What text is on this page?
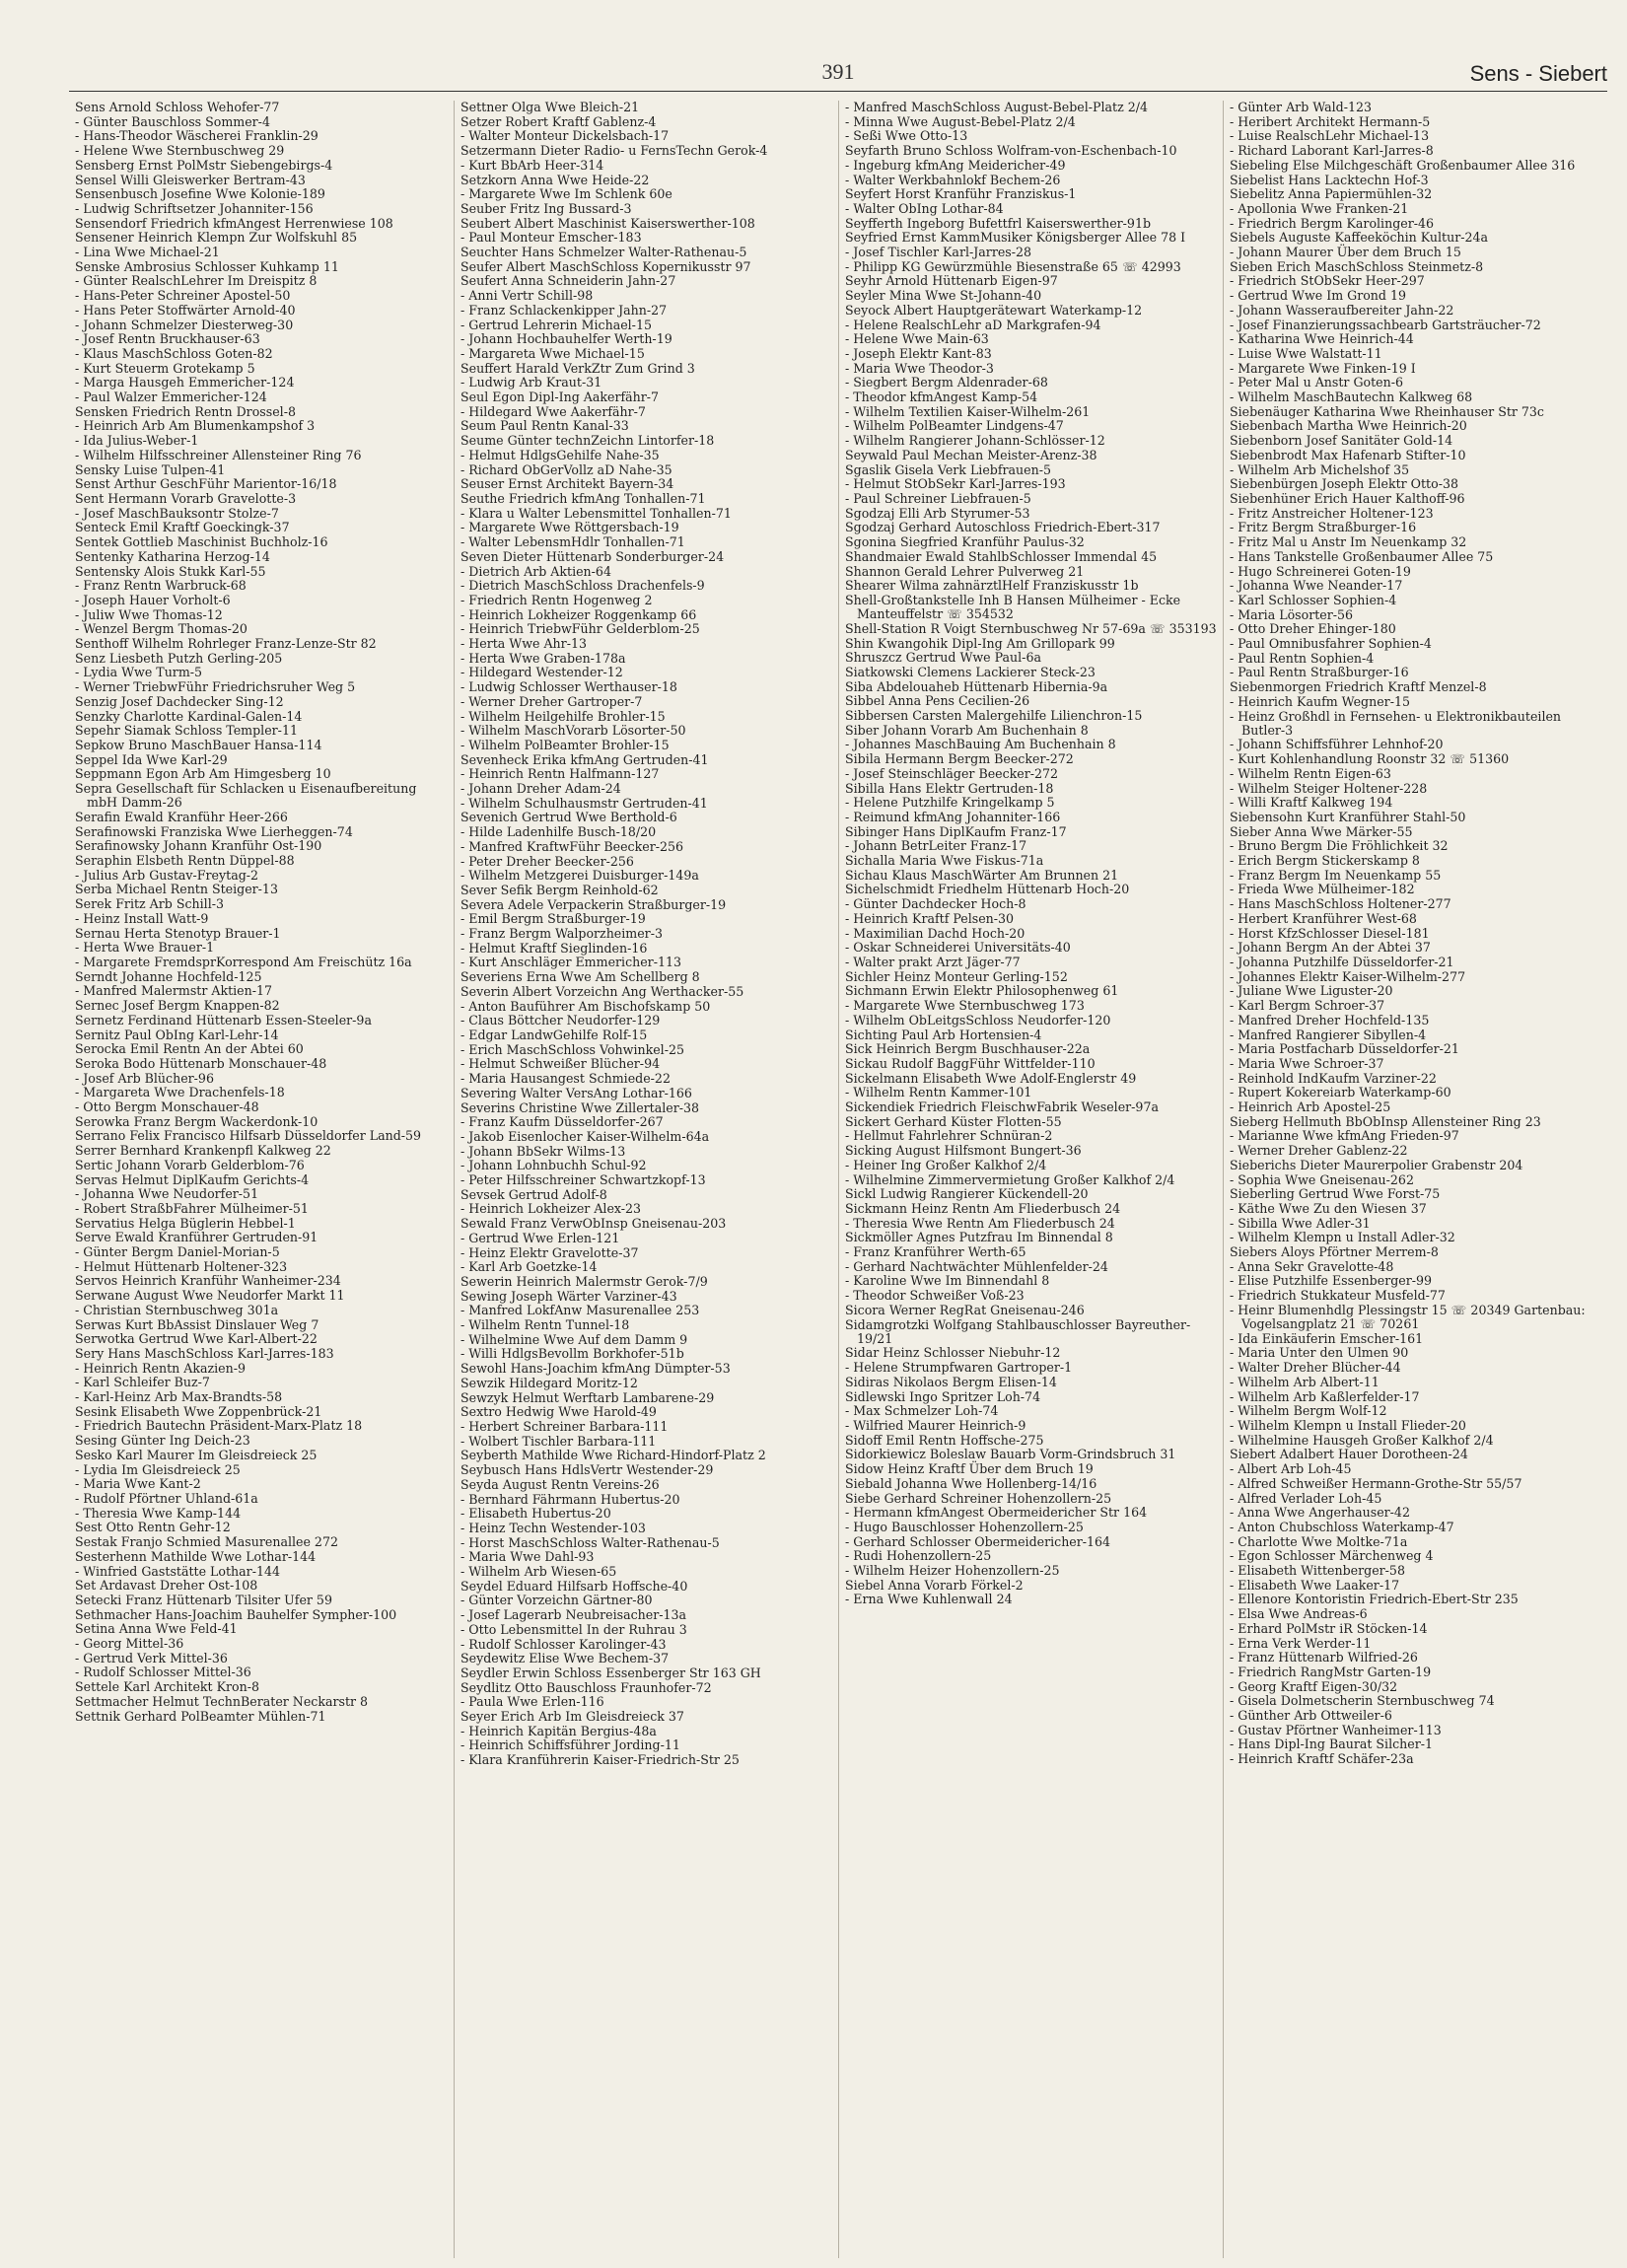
391	Sens - Siebert
Sens Arnold Schloss Wehofer-77
- Günter Bauschloss Sommer-4
- Hans-Theodor Wäscherei Franklin-29
- Helene Wwe Sternbuschweg 29
Sensberg Ernst PolMstr Siebengebirgs-4
Sensel Willi Gleiswerker Bertram-43
Sensenbusch Josefine Wwe Kolonie-189
- Ludwig Schriftsetzer Johanniter-156
Sensendorf Friedrich kfmAngest Herrenwiese 108
Sensener Heinrich Klempn Zur Wolfskuhl 85
- Lina Wwe Michael-21
Senske Ambrosius Schlosser Kuhkamp 11
- Günter RealschLehrer Im Dreispitz 8
- Hans-Peter Schreiner Apostel-50
- Hans Peter Stoffwärter Arnold-40
- Johann Schmelzer Diesterweg-30
- Josef Rentn Bruckhauser-63
- Klaus MaschSchloss Goten-82
- Kurt Steuerm Grotekamp 5
- Marga Hausgeh Emmericher-124
- Paul Walzer Emmericher-124
Sensken Friedrich Rentn Drossel-8
- Heinrich Arb Am Blumenkampshof 3
- Ida Julius-Weber-1
- Wilhelm Hilfsschreiner Allensteiner Ring 76
Sensky Luise Tulpen-41
Senst Arthur GeschFühr Marientor-16/18
Sent Hermann Vorarb Gravelotte-3
- Josef MaschBauksontr Stolze-7
Senteck Emil Kraftf Goeckingk-37
Sentek Gottlieb Maschinist Buchholz-16
Sentenky Katharina Herzog-14
Sentensky Alois Stukk Karl-55
- Franz Rentn Warbruck-68
- Joseph Hauer Vorholt-6
- Juliw Wwe Thomas-12
- Wenzel Bergm Thomas-20
Senthoff Wilhelm Rohrleger Franz-Lenze-Str 82
Senz Liesbeth Putzh Gerling-205
- Lydia Wwe Turm-5
- Werner TriebwFühr Friedrichsruher Weg 5
Senzig Josef Dachdecker Sing-12
Senzky Charlotte Kardinal-Galen-14
Sepehr Siamak Schloss Templer-11
Sepkow Bruno MaschBauer Hansa-114
Seppel Ida Wwe Karl-29
Seppmann Egon Arb Am Himgesberg 10
Sepra Gesellschaft für Schlacken u Eisenaufbereitung mbH Damm-26
Serafin Ewald Kranführ Heer-266
Serafinowski Franziska Wwe Lierheggen-74
Serafinowsky Johann Kranführ Ost-190
Seraphin Elsbeth Rentn Düppel-88
- Julius Arb Gustav-Freytag-2
Serba Michael Rentn Steiger-13
Serek Fritz Arb Schill-3
- Heinz Install Watt-9
Sernau Herta Stenotyp Brauer-1
- Herta Wwe Brauer-1
- Margarete FremdsprKorrespond Am Freischütz 16a
Serndt Johanne Hochfeld-125
- Manfred Malermstr Aktien-17
Sernec Josef Bergm Knappen-82
Sernetz Ferdinand Hüttenarb Essen-Steeler-9a
Sernitz Paul ObIng Karl-Lehr-14
Serocka Emil Rentn An der Abtei 60
Seroka Bodo Hüttenarb Monschauer-48
- Josef Arb Blücher-96
- Margareta Wwe Drachenfels-18
- Otto Bergm Monschauer-48
Serowka Franz Bergm Wackerdonk-10
Serrano Felix Francisco Hilfsarb Düsseldorfer Land-59
Serrer Bernhard Krankenpfl Kalkweg 22
Sertic Johann Vorarb Gelderblom-76
Servas Helmut DiplKaufm Gerichts-4
- Johanna Wwe Neudorfer-51
- Robert StraßbFahrer Mülheimer-51
Servatius Helga Büglerin Hebbel-1
Serve Ewald Kranführer Gertruden-91
- Günter Bergm Daniel-Morian-5
- Helmut Hüttenarb Holtener-323
Servos Heinrich Kranführ Wanheimer-234
Serwane August Wwe Neudorfer Markt 11
- Christian Sternbuschweg 301a
Serwas Kurt BbAssist Dinslauer Weg 7
Serwotka Gertrud Wwe Karl-Albert-22
Sery Hans MaschSchloss Karl-Jarres-183
- Heinrich Rentn Akazien-9
- Karl Schleifer Buz-7
- Karl-Heinz Arb Max-Brandts-58
Sesink Elisabeth Wwe Zoppenbrück-21
- Friedrich Bautechn Präsident-Marx-Platz 18
Sesing Günter Ing Deich-23
Sesko Karl Maurer Im Gleisdreieck 25
- Lydia Im Gleisdreieck 25
- Maria Wwe Kant-2
- Rudolf Pförtner Uhland-61a
- Theresia Wwe Kamp-144
Sest Otto Rentn Gehr-12
Sestak Franjo Schmied Masurenallee 272
Sesterhenn Mathilde Wwe Lothar-144
- Winfried Gaststätte Lothar-144
Set Ardavast Dreher Ost-108
Setecki Franz Hüttenarb Tilsiter Ufer 59
Sethmacher Hans-Joachim Bauhelfer Sympher-100
Setina Anna Wwe Feld-41
- Georg Mittel-36
- Gertrud Verk Mittel-36
- Rudolf Schlosser Mittel-36
Settele Karl Architekt Kron-8
Settmacher Helmut TechnBerater Neckarstr 8
Settnik Gerhard PolBeamter Mühlen-71
Settner Olga Wwe Bleich-21
Setzer Robert Kraftf Gablenz-4
- Walter Monteur Dickelsbach-17
Setzermann Dieter Radio- u FernsTechn Gerok-4
- Kurt BbArb Heer-314
Setzkorn Anna Wwe Heide-22
- Margarete Wwe Im Schlenk 60e
Seuber Fritz Ing Bussard-3
Seubert Albert Maschinist Kaiserswerther-108
- Paul Monteur Emscher-183
Seuchter Hans Schmelzer Walter-Rathenau-5
Seufer Albert MaschSchloss Kopernikusstr 97
Seufert Anna Schneiderin Jahn-27
- Anni Vertr Schill-98
- Franz Schlackenkipper Jahn-27
- Gertrud Lehrerin Michael-15
- Johann Hochbauhelfer Werth-19
- Margareta Wwe Michael-15
Seuffert Harald VerkZtr Zum Grind 3
- Ludwig Arb Kraut-31
Seul Egon Dipl-Ing Aakerfähr-7
- Hildegard Wwe Aakerfähr-7
Seum Paul Rentn Kanal-33
Seume Günter technZeichn Lintorfer-18
- Helmut HdlgsGehilfe Nahe-35
- Richard ObGerVollz aD Nahe-35
Seuser Ernst Architekt Bayern-34
Seuthe Friedrich kfmAng Tonhallen-71
- Klara u Walter Lebensmittel Tonhallen-71
- Margarete Wwe Röttgersbach-19
- Walter LebensmHdlr Tonhallen-71
Seven Dieter Hüttenarb Sonderburger-24
- Dietrich Arb Aktien-64
- Dietrich MaschSchloss Drachenfels-9
- Friedrich Rentn Hogenweg 2
- Heinrich Lokheizer Roggenkamp 66
- Heinrich TriebwFühr Gelderblom-25
- Herta Wwe Ahr-13
- Herta Wwe Graben-178a
- Hildegard Westender-12
- Ludwig Schlosser Werthauser-18
- Werner Dreher Gartroper-7
- Wilhelm Heilgehilfe Brohler-15
- Wilhelm MaschVorarb Lösorter-50
- Wilhelm PolBeamter Brohler-15
Sevenheck Erika kfmAng Gertruden-41
- Heinrich Rentn Halfmann-127
- Johann Dreher Adam-24
- Wilhelm Schulhausmstr Gertruden-41
Sevenich Gertrud Wwe Berthold-6
- Hilde Ladenhilfe Busch-18/20
- Manfred KraftwFühr Beecker-256
- Peter Dreher Beecker-256
- Wilhelm Metzgerei Duisburger-149a
Sever Sefik Bergm Reinhold-62
Severa Adele Verpackerin Straßburger-19
- Emil Bergm Straßburger-19
- Franz Bergm Walporzheimer-3
- Helmut Kraftf Sieglinden-16
- Kurt Anschläger Emmericher-113
Severiens Erna Wwe Am Schellberg 8
Severin Albert Vorzeichn Ang Werthacker-55
- Anton Bauführer Am Bischofskamp 50
- Claus Böttcher Neudorfer-129
- Edgar LandwGehilfe Rolf-15
- Erich MaschSchloss Vohwinkel-25
- Helmut Schweißer Blücher-94
- Maria Hausangest Schmiede-22
Severing Walter VersAng Lothar-166
Severins Christine Wwe Zillertaler-38
- Franz Kaufm Düsseldorfer-267
- Jakob Eisenlocher Kaiser-Wilhelm-64a
- Johann BbSekr Wilms-13
- Johann Lohnbuchh Schul-92
- Peter Hilfsschreiner Schwartzkopf-13
Sevsek Gertrud Adolf-8
- Heinrich Lokheizer Alex-23
Sewald Franz VerwObInsp Gneisenau-203
- Gertrud Wwe Erlen-121
- Heinz Elektr Gravelotte-37
- Karl Arb Goetzke-14
Sewerin Heinrich Malermstr Gerok-7/9
Sewing Joseph Wärter Varziner-43
- Manfred LokfAnw Masurenallee 253
- Wilhelm Rentn Tunnel-18
- Wilhelmine Wwe Auf dem Damm 9
- Willi HdlgsBevollm Borkhofer-51b
Sewohl Hans-Joachim kfmAng Dümpter-53
Sewzik Hildegard Moritz-12
Sewzyk Helmut Werftarb Lambarene-29
Sextro Hedwig Wwe Harold-49
- Herbert Schreiner Barbara-111
- Wolbert Tischler Barbara-111
Seyberth Mathilde Wwe Richard-Hindorf-Platz 2
Seybusch Hans HdlsVertr Westender-29
Seyda August Rentn Vereins-26
- Bernhard Fährmann Hubertus-20
- Elisabeth Hubertus-20
- Heinz Techn Westender-103
- Horst MaschSchloss Walter-Rathenau-5
- Maria Wwe Dahl-93
- Wilhelm Arb Wiesen-65
Seydel Eduard Hilfsarb Hoffsche-40
- Günter Vorzeichn Gärtner-80
- Josef Lagerarb Neubreisacher-13a
- Otto Lebensmittel In der Ruhrau 3
- Rudolf Schlosser Karolinger-43
Seydewitz Elise Wwe Bechem-37
Seydler Erwin Schloss Essenberger Str 163 GH
Seydlitz Otto Bauschloss Fraunhofer-72
- Paula Wwe Erlen-116
Seyer Erich Arb Im Gleisdreieck 37
- Heinrich Kapitän Bergius-48a
- Heinrich Schiffsführer Jording-11
- Klara Kranführerin Kaiser-Friedrich-Str 25
- Manfred MaschSchloss August-Bebel-Platz 2/4
- Minna Wwe August-Bebel-Platz 2/4
- Seßi Wwe Otto-13
Seyfarth Bruno Schloss Wolfram-von-Eschenbach-10
- Ingeburg kfmAng Meidericher-49
- Walter Werkbahnlokf Bechem-26
Seyfert Horst Kranführ Franziskus-1
- Walter ObIng Lothar-84
Seyfferth Ingeborg Bufettfrl Kaiserswerther-91b
Seyfried Ernst KammMusiker Königsberger Allee 78 I
- Josef Tischler Karl-Jarres-28
- Philipp KG Gewürzmühle Biesenstraße 65 ☏ 42993
Seyhr Arnold Hüttenarb Eigen-97
Seyler Mina Wwe St-Johann-40
Seyock Albert Hauptgerätewart Waterkamp-12
- Helene RealschLehr aD Markgrafen-94
- Helene Wwe Main-63
- Joseph Elektr Kant-83
- Maria Wwe Theodor-3
- Siegbert Bergm Aldenrader-68
- Theodor kfmAngest Kamp-54
- Wilhelm Textilien Kaiser-Wilhelm-261
- Wilhelm PolBeamter Lindgens-47
- Wilhelm Rangierer Johann-Schlösser-12
Seywald Paul Mechan Meister-Arenz-38
Sgaslik Gisela Verk Liebfrauen-5
- Helmut StObSekr Karl-Jarres-193
- Paul Schreiner Liebfrauen-5
Sgodzaj Elli Arb Styrumer-53
Sgodzaj Gerhard Autoschloss Friedrich-Ebert-317
Sgonina Siegfried Kranführ Paulus-32
Shandmaier Ewald StahlbSchlosser Immendal 45
Shannon Gerald Lehrer Pulverweg 21
Shearer Wilma zahnärztlHelf Franziskusstr 1b
Shell-Großtankstelle Inh B Hansen Mülheimer - Ecke Manteuffelstr ☏ 354532
Shell-Station R Voigt Sternbuschweg Nr 57-69a ☏ 353193
Shin Kwangohik Dipl-Ing Am Grillopark 99
Shruszcz Gertrud Wwe Paul-6a
Siatkowski Clemens Lackierer Steck-23
Siba Abdelouaheb Hüttenarb Hibernia-9a
Sibbel Anna Pens Cecilien-26
Sibbersen Carsten Malergehilfe Lilienchron-15
Siber Johann Vorarb Am Buchenhain 8
- Johannes MaschBauing Am Buchenhain 8
Sibila Hermann Bergm Beecker-272
- Josef Steinschläger Beecker-272
Sibilla Hans Elektr Gertruden-18
- Helene Putzhilfe Kringelkamp 5
- Reimund kfmAng Johanniter-166
Sibinger Hans DiplKaufm Franz-17
- Johann BetrLeiter Franz-17
Sichalla Maria Wwe Fiskus-71a
Sichau Klaus MaschWärter Am Brunnen 21
Sichelschmidt Friedhelm Hüttenarb Hoch-20
- Günter Dachdecker Hoch-8
- Heinrich Kraftf Pelsen-30
- Maximilian Dachd Hoch-20
- Oskar Schneiderei Universitäts-40
- Walter prakt Arzt Jäger-77
Sichler Heinz Monteur Gerling-152
Sichmann Erwin Elektr Philosophenweg 61
- Margarete Wwe Sternbuschweg 173
- Wilhelm ObLeitgsSchloss Neudorfer-120
Sichting Paul Arb Hortensien-4
Sick Heinrich Bergm Buschhauser-22a
Sickau Rudolf BaggFühr Wittfelder-110
Sickelmann Elisabeth Wwe Adolf-Englerstr 49
- Wilhelm Rentn Kammer-101
Sickendiek Friedrich FleischwFabrik Weseler-97a
Sickert Gerhard Küster Flotten-55
- Hellmut Fahrlehrer Schnüran-2
Sicking August Hilfsmont Bungert-36
- Heiner Ing Großer Kalkhof 2/4
- Wilhelmine Zimmervermietung Großer Kalkhof 2/4
Sickl Ludwig Rangierer Kückendell-20
Sickmann Heinz Rentn Am Fliederbusch 24
- Theresia Wwe Rentn Am Fliederbusch 24
Sickmöller Agnes Putzfrau Im Binnendal 8
- Franz Kranführer Werth-65
- Gerhard Nachtwächter Mühlenfelder-24
- Karoline Wwe Im Binnendahl 8
- Theodor Schweißer Voß-23
Sicora Werner RegRat Gneisenau-246
Sidamgrotzki Wolfgang Stahlbauschlosser Bayreuther-19/21
Sidar Heinz Schlosser Niebuhr-12
- Helene Strumpfwaren Gartroper-1
Sidiras Nikolaos Bergm Elisen-14
Sidlewski Ingo Spritzer Loh-74
- Max Schmelzer Loh-74
- Wilfried Maurer Heinrich-9
Sidoff Emil Rentn Hoffsche-275
Sidorkiewicz Boleslaw Bauarb Vorm-Grindsbruch 31
Sidow Heinz Kraftf Über dem Bruch 19
Siebald Johanna Wwe Hollenberg-14/16
Siebe Gerhard Schreiner Hohenzollern-25
- Hermann kfmAngest Obermeidericher Str 164
- Hugo Bauschlosser Hohenzollern-25
- Gerhard Schlosser Obermeidericher-164
- Rudi Hohenzollern-25
- Wilhelm Heizer Hohenzollern-25
Siebel Anna Vorarb Förkel-2
- Erna Wwe Kuhlenwall 24
- Günter Arb Wald-123
- Heribert Architekt Hermann-5
- Luise RealschLehr Michael-13
- Richard Laborant Karl-Jarres-8
Siebeling Else Milchgeschäft Großenbaumer Allee 316
Siebelist Hans Lacktechn Hof-3
Siebelitz Anna Papiermühlen-32
- Apollonia Wwe Franken-21
- Friedrich Bergm Karolinger-46
Siebels Auguste Kaffeeköchin Kultur-24a
- Johann Maurer Über dem Bruch 15
Sieben Erich MaschSchloss Steinmetz-8
- Friedrich StObSekr Heer-297
- Gertrud Wwe Im Grond 19
- Johann Wasseraufbereiter Jahn-22
- Josef Finanzierungssachbearb Gartsträucher-72
- Katharina Wwe Heinrich-44
- Luise Wwe Walstatt-11
- Margarete Wwe Finken-19 I
- Peter Mal u Anstr Goten-6
- Wilhelm MaschBautechn Kalkweg 68
Siebenäuger Katharina Wwe Rheinhauser Str 73c
Siebenbach Martha Wwe Heinrich-20
Siebenborn Josef Sanitäter Gold-14
Siebenbrodt Max Hafenarb Stifter-10
- Wilhelm Arb Michelshof 35
Siebenbürgen Joseph Elektr Otto-38
Siebenhüner Erich Hauer Kalthoff-96
- Fritz Anstreicher Holtener-123
- Fritz Bergm Straßburger-16
- Fritz Mal u Anstr Im Neuenkamp 32
- Hans Tankstelle Großenbaumer Allee 75
- Hugo Schreinerei Goten-19
- Johanna Wwe Neander-17
- Karl Schlosser Sophien-4
- Maria Lösorter-56
- Otto Dreher Ehinger-180
- Paul Omnibusfahrer Sophien-4
- Paul Rentn Sophien-4
- Paul Rentn Straßburger-16
Siebenmorgen Friedrich Kraftf Menzel-8
- Heinrich Kaufm Wegner-15
- Heinz Großhdl in Fernsehen- u Elektronikbauteilen Butler-3
- Johann Schiffsführer Lehnhof-20
- Kurt Kohlenhandlung Roonstr 32 ☏ 51360
- Wilhelm Rentn Eigen-63
- Wilhelm Steiger Holtener-228
- Willi Kraftf Kalkweg 194
Siebensohn Kurt Kranführer Stahl-50
Sieber Anna Wwe Märker-55
- Bruno Bergm Die Fröhlichkeit 32
- Erich Bergm Stickerskamp 8
- Franz Bergm Im Neuenkamp 55
- Frieda Wwe Mülheimer-182
- Hans MaschSchloss Holtener-277
- Herbert Kranführer West-68
- Horst KfzSchlosser Diesel-181
- Johann Bergm An der Abtei 37
- Johanna Putzhilfe Düsseldorfer-21
- Johannes Elektr Kaiser-Wilhelm-277
- Juliane Wwe Liguster-20
- Karl Bergm Schroer-37
- Manfred Dreher Hochfeld-135
- Manfred Rangierer Sibyllen-4
- Maria Postfacharb Düsseldorfer-21
- Maria Wwe Schroer-37
- Reinhold IndKaufm Varziner-22
- Rupert Kokereiarb Waterkamp-60
- Heinrich Arb Apostel-25
Sieberg Hellmuth BbObInsp Allensteiner Ring 23
- Marianne Wwe kfmAng Frieden-97
- Werner Dreher Gablenz-22
Sieberichs Dieter Maurerpolier Grabenstr 204
- Sophia Wwe Gneisenau-262
Sieberling Gertrud Wwe Forst-75
- Käthe Wwe Zu den Wiesen 37
- Sibilla Wwe Adler-31
- Wilhelm Klempn u Install Adler-32
Siebers Aloys Pförtner Merrem-8
- Anna Sekr Gravelotte-48
- Elise Putzhilfe Essenberger-99
- Friedrich Stukkateur Musfeld-77
- Heinr Blumenhdlg Plessingstr 15 ☏ 20349 Gartenbau: Vogelsangplatz 21 ☏ 70261
- Ida Einkäuferin Emscher-161
- Maria Unter den Ulmen 90
- Walter Dreher Blücher-44
- Wilhelm Arb Albert-11
- Wilhelm Arb Kaßlerfelder-17
- Wilhelm Bergm Wolf-12
- Wilhelm Klempn u Install Flieder-20
- Wilhelmine Hausgeh Großer Kalkhof 2/4
Siebert Adalbert Hauer Dorotheen-24
- Albert Arb Loh-45
- Alfred Schweißer Hermann-Grothe-Str 55/57
- Alfred Verlader Loh-45
- Anna Wwe Angerhauser-42
- Anton Chubschloss Waterkamp-47
- Charlotte Wwe Moltke-71a
- Egon Schlosser Märchenweg 4
- Elisabeth Wittenberger-58
- Elisabeth Wwe Laaker-17
- Ellenore Kontoristin Friedrich-Ebert-Str 235
- Elsa Wwe Andreas-6
- Erhard PolMstr iR Stöcken-14
- Erna Verk Werder-11
- Franz Hüttenarb Wilfried-26
- Friedrich RangMstr Garten-19
- Georg Kraftf Eigen-30/32
- Gisela Dolmetscherin Sternbuschweg 74
- Günther Arb Ottweiler-6
- Gustav Pförtner Wanheimer-113
- Hans Dipl-Ing Baurat Silcher-1
- Heinrich Kraftf Schäfer-23a
